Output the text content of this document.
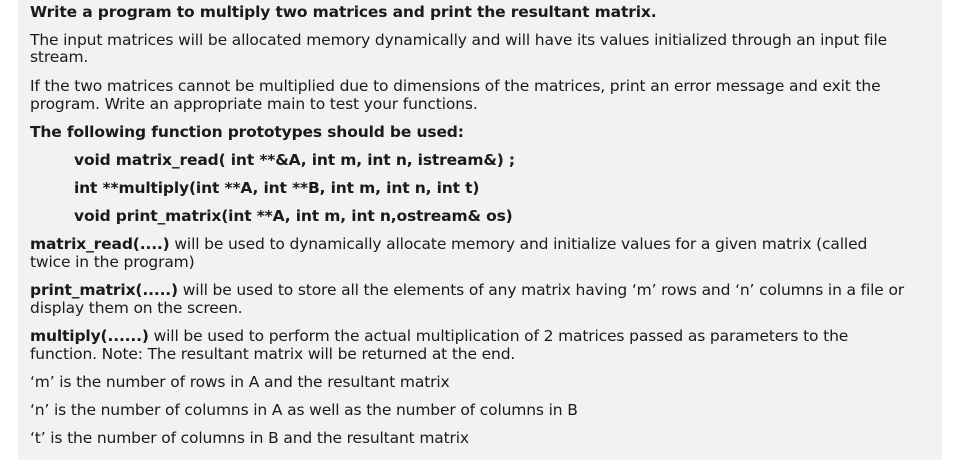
Write a program to multiply two matrices and print the resultant matrix.

The input matrices will be allocated memory dynamically and will have its values initialized through an input file

stream.

If the two matrices cannot be multiplied due to dimensions of the matrices, print an error message and exit the

program. Write an appropriate main to test your functions.

The following function prototypes should be used:

void matrix_read( int **&A, int m, int n, istream&) ;

int **multiply(int **A, int **B, int m, int n, int t)

void print_matrix(int **A, int m, int n,ostream& os)

matrix_read(....) will be used to dynamically allocate memory and initialize values for a given matrix (called

twice in the program)

print_matrix(.....) will be used to store all the elements of any matrix having ‘m’ rows and ‘n’ columns in a file or

display them on the screen.

multiply(......) will be used to perform the actual multiplication of 2 matrices passed as parameters to the

function. Note: The resultant matrix will be returned at the end.

‘m’ is the number of rows in A and the resultant matrix

‘n’ is the number of columns in A as well as the number of columns in B

‘t’ is the number of columns in B and the resultant matrix
